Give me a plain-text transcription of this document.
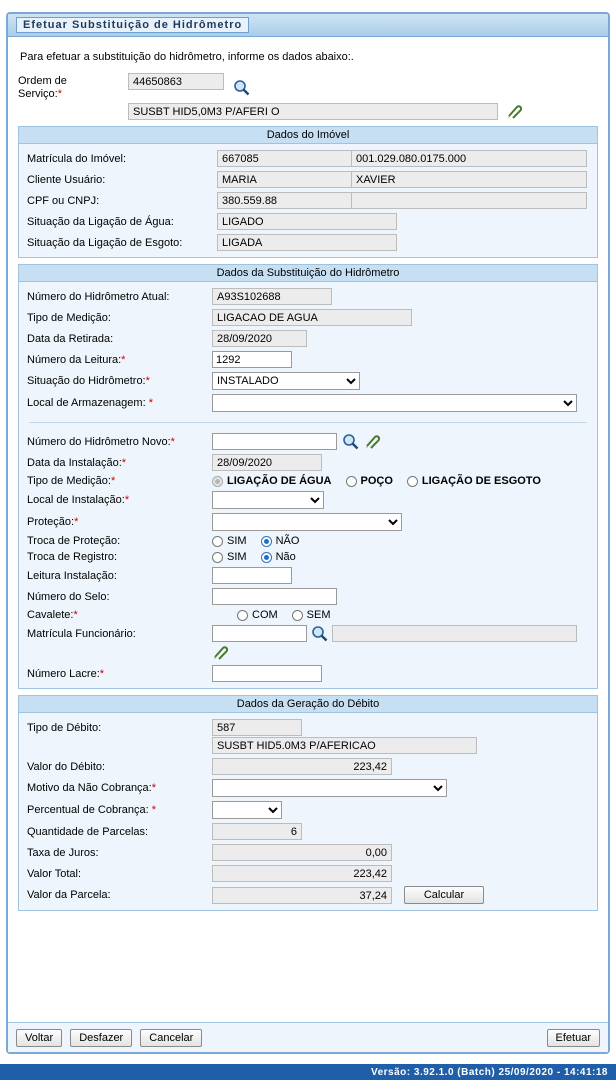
Efetuar Substituição de Hidrômetro
Para efetuar a substituição do hidrômetro, informe os dados abaixo:.
Ordem de
Serviço:*
44650863
SUSBT HID5,0M3 P/AFERI O
Dados do Imóvel
Matrícula do Imóvel:	667085	001.029.080.0175.000
Cliente Usuário:	MARIA	XAVIER
CPF ou CNPJ:	380.559.88
Situação da Ligação de Água:	LIGADO
Situação da Ligação de Esgoto:	LIGADA
Dados da Substituição do Hidrômetro
Número do Hidrômetro Atual:	A93S102688
Tipo de Medição:	LIGACAO DE AGUA
Data da Retirada:	28/09/2020
Número da Leitura:*
1292
Situação do Hidrômetro:*
INSTALADO
Local de Armazenagem: *
Número do Hidrômetro Novo:*
Data da Instalação:*	28/09/2020
Tipo de Medição:*	LIGAÇÃO DE ÁGUA	POÇO	LIGAÇÃO DE ESGOTO
Local de Instalação:*
Proteção:*
Troca de Proteção:	SIM	NÃO
Troca de Registro:	SIM	Não
Leitura Instalação:
Número do Selo:
Cavalete:*	COM	SEM
Matrícula Funcionário:
Número Lacre:*
Dados da Geração do Débito
Tipo de Débito:	587
SUSBT HID5.0M3 P/AFERICAO
Valor do Débito:	223,42
Motivo da Não Cobrança:*
Percentual de Cobrança: *
Quantidade de Parcelas:	6
Taxa de Juros:	0,00
Valor Total:	223,42
Valor da Parcela:	37,24	Calcular
Voltar Desfazer Cancelar	Efetuar
Versão: 3.92.1.0 (Batch) 25/09/2020 - 14:41:18
